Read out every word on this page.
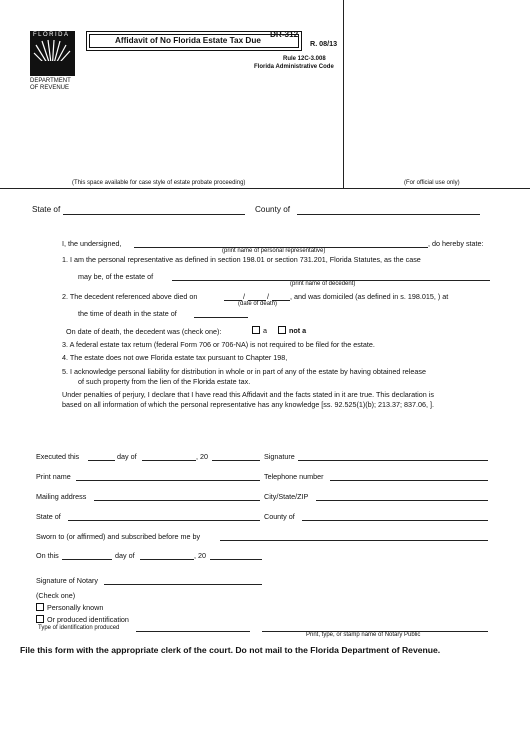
FLORIDA
DEPARTMENT
OF REVENUE
Affidavit of No Florida Estate Tax Due
DR-312
R. 08/13
Rule 12C-3.008
Florida Administrative Code
(This space available for case style of estate probate proceeding)	(For official use only)
State of	County of
I, the undersigned,	, do hereby state:
(print name of personal representative)
1. I am the personal representative as defined in section 198.01 or section 731.201, Florida Statutes, as the case
may be, of the estate of
(print name of decedent)
2. The decedent referenced above died on	/	/	, and was domiciled (as defined in s. 198.015, ) at
(date of death)
the time of death in the state of
On date of death, the decedent was (check one):	a	not a
3. A federal estate tax return (federal Form 706 or 706-NA) is not required to be filed for the estate.
4. The estate does not owe Florida estate tax pursuant to Chapter 198,
5. I acknowledge personal liability for distribution in whole or in part of any of the estate by having obtained release
of such property from the lien of the Florida estate tax.
Under penalties of perjury, I declare that I have read this Affidavit and the facts stated in it are true. This declaration is
based on all information of which the personal representative has any knowledge [ss. 92.525(1)(b); 213.37; 837.06, ].
Executed this	day of	, 20	Signature
Print name	Telephone number
Mailing address	City/State/ZIP
State of	County of
Sworn to (or affirmed) and subscribed before me by
On this	day of	, 20
Signature of Notary
(Check one)
Personally known
Or produced identification
Type of identification produced
Print, type, or stamp name of Notary Public
File this form with the appropriate clerk of the court. Do not mail to the Florida Department of Revenue.
